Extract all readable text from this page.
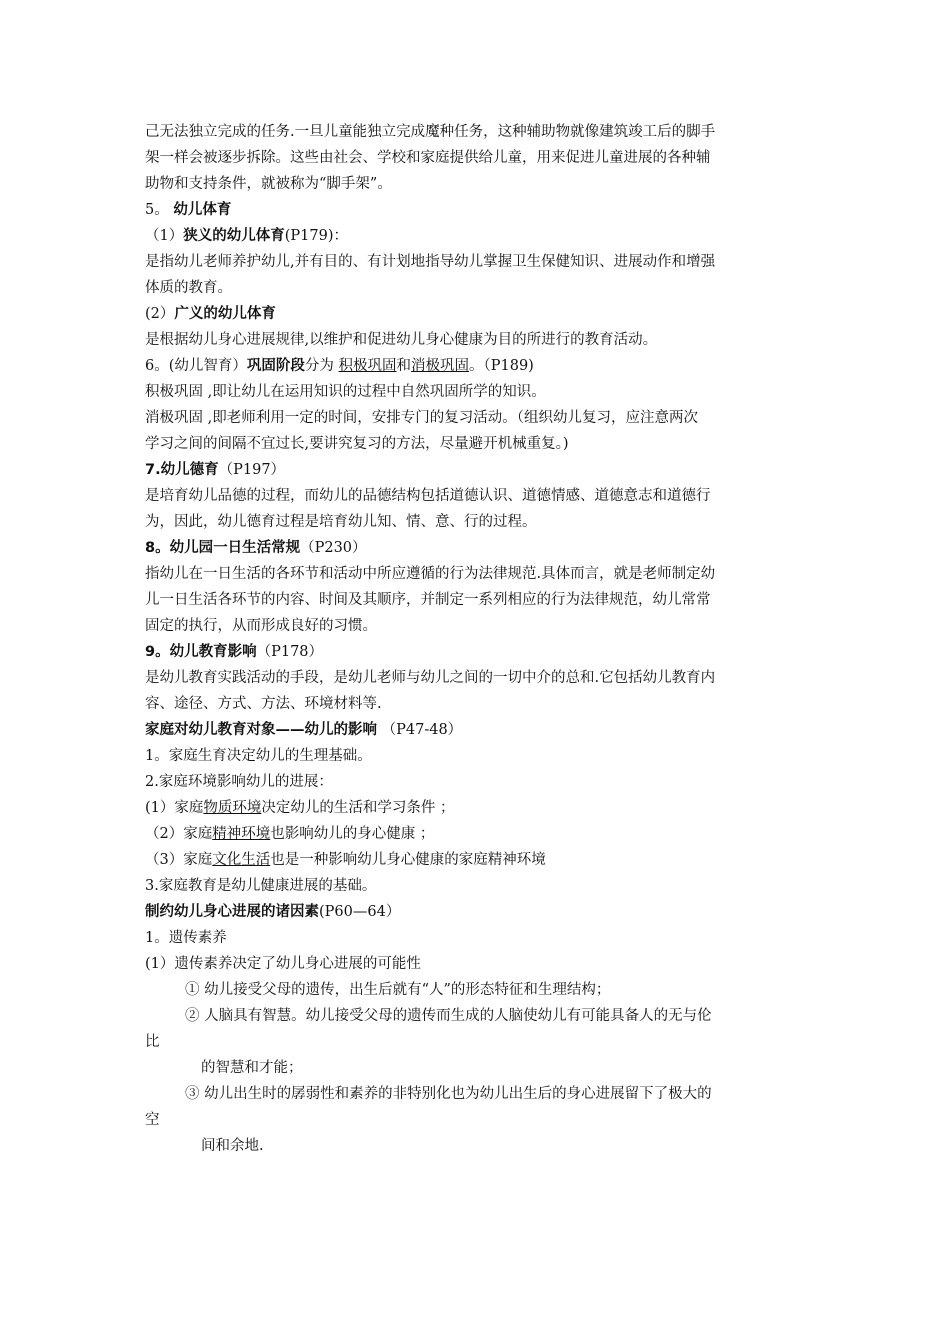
己无法独立完成的任务.一旦儿童能独立完成魔种任务，这种辅助物就像建筑竣工后的脚手
架一样会被逐步拆除。这些由社会、学校和家庭提供给儿童，用来促进儿童进展的各种辅
助物和支持条件，就被称为“脚手架”。
5。 幼儿体育
（1）狭义的幼儿体育(P179)：
是指幼儿老师养护幼儿,并有目的、有计划地指导幼儿掌握卫生保健知识、进展动作和增强
体质的教育。
(2）广义的幼儿体育
是根据幼儿身心进展规律,以维护和促进幼儿身心健康为目的所进行的教育活动。
6。(幼儿智育）巩固阶段分为 积极巩固和消极巩固。（P189)
积极巩固 ,即让幼儿在运用知识的过程中自然巩固所学的知识。
消极巩固 ,即老师利用一定的时间，安排专门的复习活动。（组织幼儿复习，应注意两次
学习之间的间隔不宜过长,要讲究复习的方法，尽量避开机械重复。)
7.幼儿德育（P197）
是培育幼儿品德的过程，而幼儿的品德结构包括道德认识、道德情感、道德意志和道德行
为，因此，幼儿德育过程是培育幼儿知、情、意、行的过程。
8。幼儿园一日生活常规（P230）
指幼儿在一日生活的各环节和活动中所应遵循的行为法律规范.具体而言，就是老师制定幼
儿一日生活各环节的内容、时间及其顺序，并制定一系列相应的行为法律规范，幼儿常常
固定的执行，从而形成良好的习惯。
9。幼儿教育影响（P178）
是幼儿教育实践活动的手段，是幼儿老师与幼儿之间的一切中介的总和.它包括幼儿教育内
容、途径、方式、方法、环境材料等.
家庭对幼儿教育对象——幼儿的影响 （P47-48）
1。家庭生育决定幼儿的生理基础。
2.家庭环境影响幼儿的进展：
(1）家庭物质环境决定幼儿的生活和学习条件 ；
（2）家庭精神环境也影响幼儿的身心健康 ；
（3）家庭文化生活也是一种影响幼儿身心健康的家庭精神环境
3.家庭教育是幼儿健康进展的基础。
制约幼儿身心进展的诸因素(P60—64）
1。遗传素养
(1）遗传素养决定了幼儿身心进展的可能性
① 幼儿接受父母的遗传，出生后就有“人”的形态特征和生理结构；
② 人脑具有智慧。幼儿接受父母的遗传而生成的人脑使幼儿有可能具备人的无与伦
比
的智慧和才能；
③ 幼儿出生时的孱弱性和素养的非特别化也为幼儿出生后的身心进展留下了极大的
空
间和余地.
